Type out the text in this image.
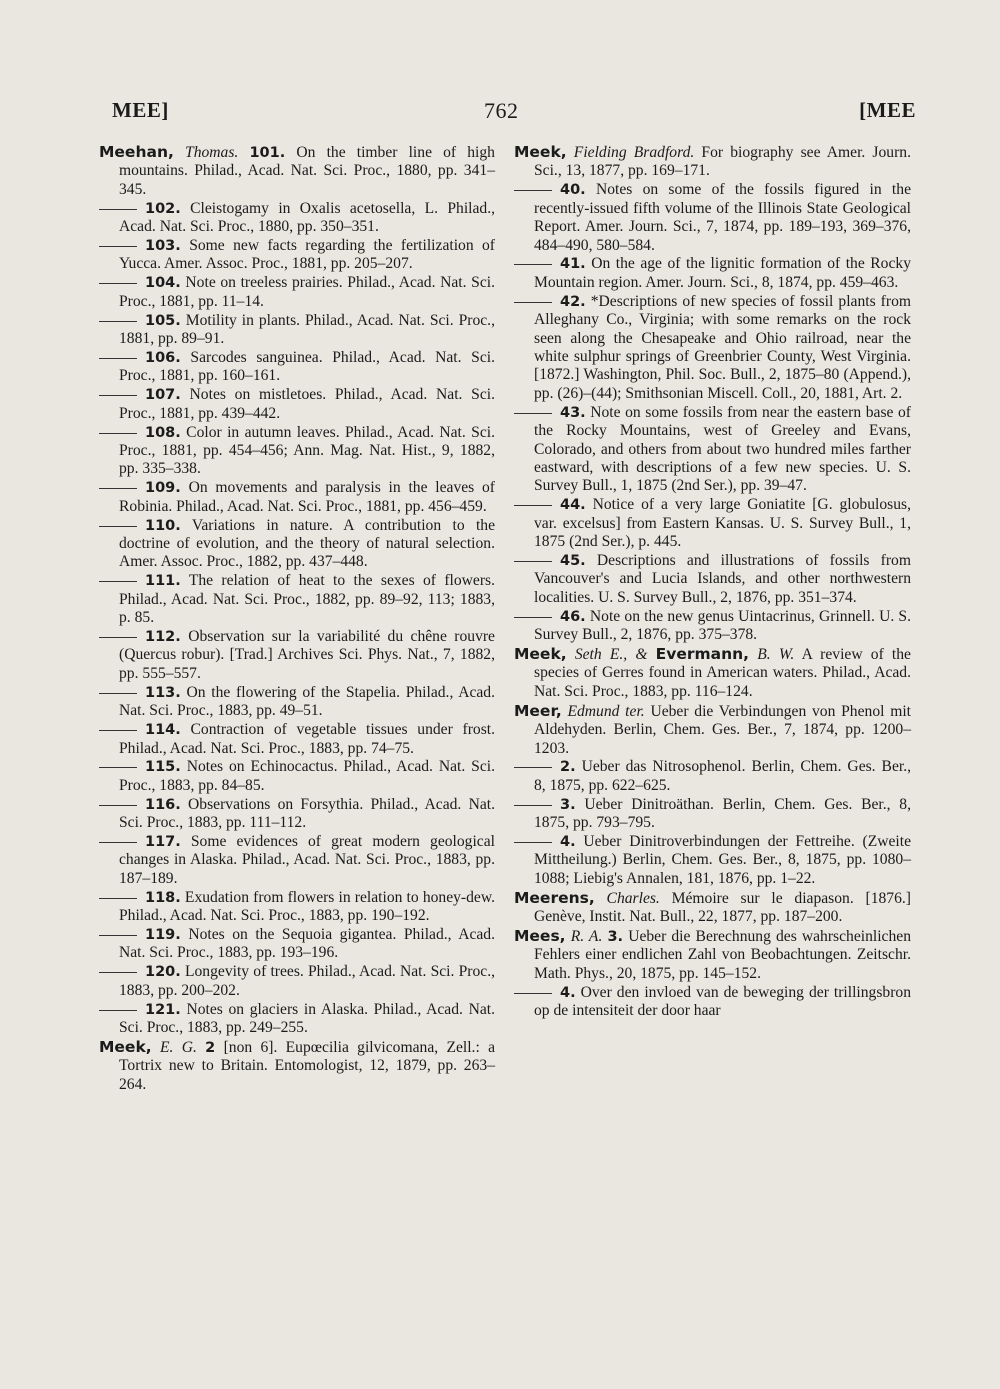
MEE]	762	[MEE

Meehan, Thomas. 101. On the timber line of high mountains. Philad., Acad. Nat. Sci. Proc., 1880, pp. 341–345.

102. Cleistogamy in Oxalis acetosella, L. Philad., Acad. Nat. Sci. Proc., 1880, pp. 350–351.

103. Some new facts regarding the fertilization of Yucca. Amer. Assoc. Proc., 1881, pp. 205–207.

104. Note on treeless prairies. Philad., Acad. Nat. Sci. Proc., 1881, pp. 11–14.

105. Motility in plants. Philad., Acad. Nat. Sci. Proc., 1881, pp. 89–91.

106. Sarcodes sanguinea. Philad., Acad. Nat. Sci. Proc., 1881, pp. 160–161.

107. Notes on mistletoes. Philad., Acad. Nat. Sci. Proc., 1881, pp. 439–442.

108. Color in autumn leaves. Philad., Acad. Nat. Sci. Proc., 1881, pp. 454–456; Ann. Mag. Nat. Hist., 9, 1882, pp. 335–338.

109. On movements and paralysis in the leaves of Robinia. Philad., Acad. Nat. Sci. Proc., 1881, pp. 456–459.

110. Variations in nature. A contribution to the doctrine of evolution, and the theory of natural selection. Amer. Assoc. Proc., 1882, pp. 437–448.

111. The relation of heat to the sexes of flowers. Philad., Acad. Nat. Sci. Proc., 1882, pp. 89–92, 113; 1883, p. 85.

112. Observation sur la variabilité du chêne rouvre (Quercus robur). [Trad.] Archives Sci. Phys. Nat., 7, 1882, pp. 555–557.

113. On the flowering of the Stapelia. Philad., Acad. Nat. Sci. Proc., 1883, pp. 49–51.

114. Contraction of vegetable tissues under frost. Philad., Acad. Nat. Sci. Proc., 1883, pp. 74–75.

115. Notes on Echinocactus. Philad., Acad. Nat. Sci. Proc., 1883, pp. 84–85.

116. Observations on Forsythia. Philad., Acad. Nat. Sci. Proc., 1883, pp. 111–112.

117. Some evidences of great modern geological changes in Alaska. Philad., Acad. Nat. Sci. Proc., 1883, pp. 187–189.

118. Exudation from flowers in relation to honey-dew. Philad., Acad. Nat. Sci. Proc., 1883, pp. 190–192.

119. Notes on the Sequoia gigantea. Philad., Acad. Nat. Sci. Proc., 1883, pp. 193–196.

120. Longevity of trees. Philad., Acad. Nat. Sci. Proc., 1883, pp. 200–202.

121. Notes on glaciers in Alaska. Philad., Acad. Nat. Sci. Proc., 1883, pp. 249–255.

Meek, E. G. 2 [non 6]. Eupœcilia gilvicomana, Zell.: a Tortrix new to Britain. Entomologist, 12, 1879, pp. 263–264.

Meek, Fielding Bradford. For biography see Amer. Journ. Sci., 13, 1877, pp. 169–171.

40. Notes on some of the fossils figured in the recently-issued fifth volume of the Illinois State Geological Report. Amer. Journ. Sci., 7, 1874, pp. 189–193, 369–376, 484–490, 580–584.

41. On the age of the lignitic formation of the Rocky Mountain region. Amer. Journ. Sci., 8, 1874, pp. 459–463.

42. *Descriptions of new species of fossil plants from Alleghany Co., Virginia; with some remarks on the rock seen along the Chesapeake and Ohio railroad, near the white sulphur springs of Greenbrier County, West Virginia. [1872.] Washington, Phil. Soc. Bull., 2, 1875–80 (Append.), pp. (26)–(44); Smithsonian Miscell. Coll., 20, 1881, Art. 2.

43. Note on some fossils from near the eastern base of the Rocky Mountains, west of Greeley and Evans, Colorado, and others from about two hundred miles farther eastward, with descriptions of a few new species. U. S. Survey Bull., 1, 1875 (2nd Ser.), pp. 39–47.

44. Notice of a very large Goniatite [G. globulosus, var. excelsus] from Eastern Kansas. U. S. Survey Bull., 1, 1875 (2nd Ser.), p. 445.

45. Descriptions and illustrations of fossils from Vancouver's and Lucia Islands, and other northwestern localities. U. S. Survey Bull., 2, 1876, pp. 351–374.

46. Note on the new genus Uintacrinus, Grinnell. U. S. Survey Bull., 2, 1876, pp. 375–378.

Meek, Seth E., & Evermann, B. W. A review of the species of Gerres found in American waters. Philad., Acad. Nat. Sci. Proc., 1883, pp. 116–124.

Meer, Edmund ter. Ueber die Verbindungen von Phenol mit Aldehyden. Berlin, Chem. Ges. Ber., 7, 1874, pp. 1200–1203.

2. Ueber das Nitrosophenol. Berlin, Chem. Ges. Ber., 8, 1875, pp. 622–625.

3. Ueber Dinitroäthan. Berlin, Chem. Ges. Ber., 8, 1875, pp. 793–795.

4. Ueber Dinitroverbindungen der Fettreihe. (Zweite Mittheilung.) Berlin, Chem. Ges. Ber., 8, 1875, pp. 1080–1088; Liebig's Annalen, 181, 1876, pp. 1–22.

Meerens, Charles. Mémoire sur le diapason. [1876.] Genève, Instit. Nat. Bull., 22, 1877, pp. 187–200.

Mees, R. A. 3. Ueber die Berechnung des wahrscheinlichen Fehlers einer endlichen Zahl von Beobachtungen. Zeitschr. Math. Phys., 20, 1875, pp. 145–152.

4. Over den invloed van de beweging der trillingsbron op de intensiteit der door haar
